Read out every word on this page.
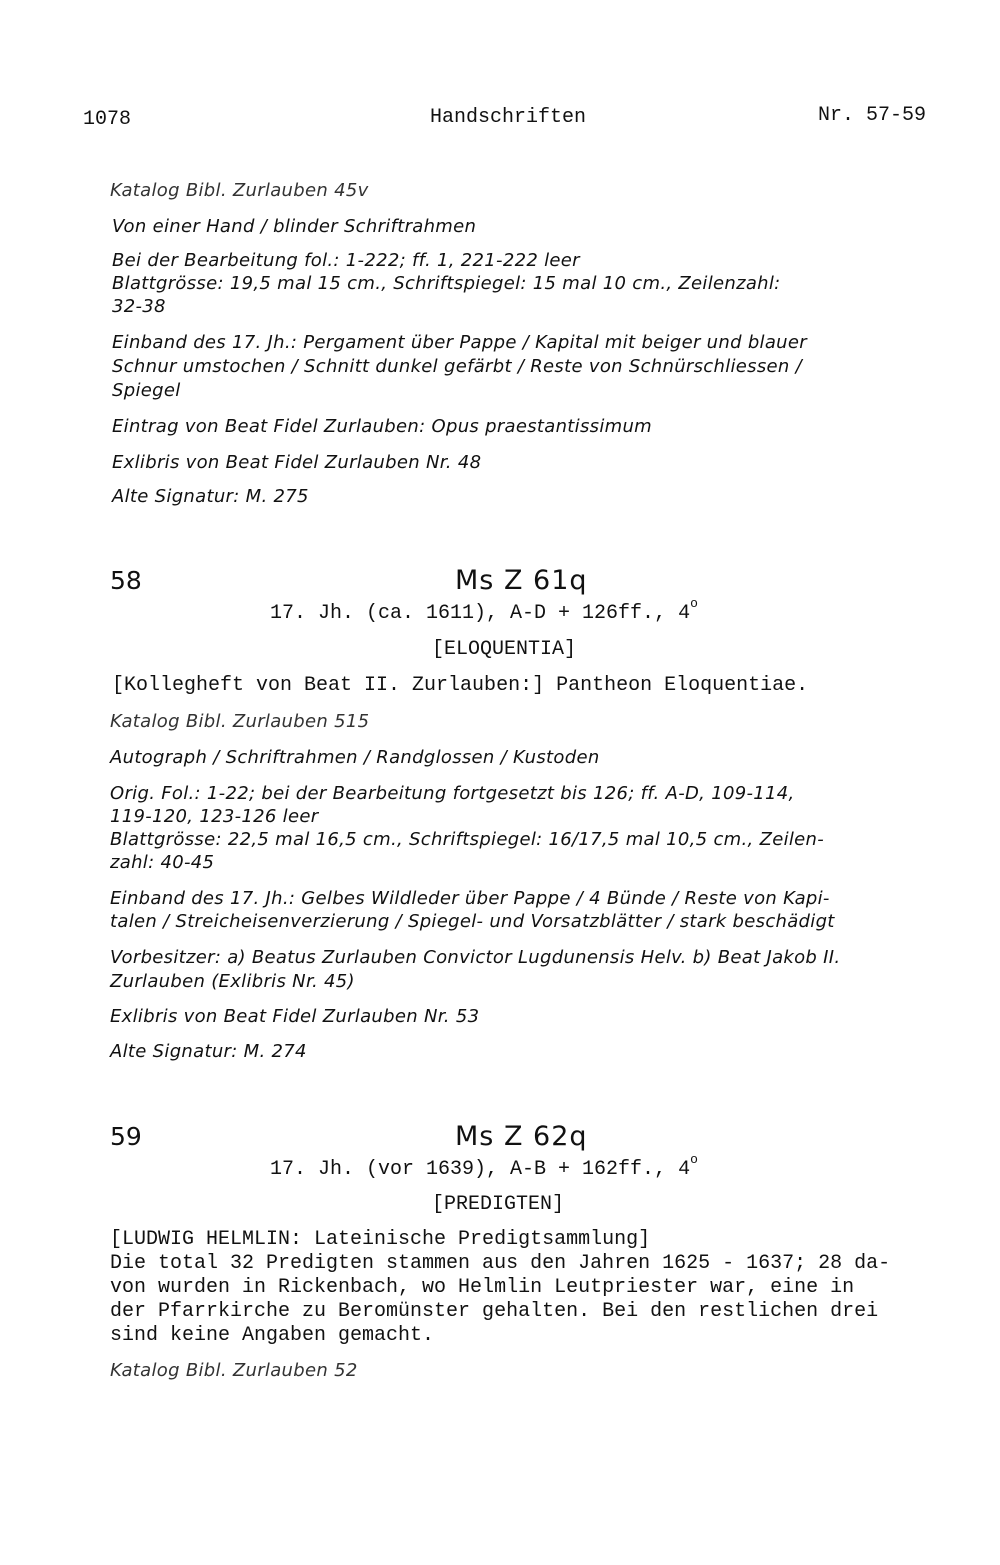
1078	Handschriften	Nr. 57-59
Katalog Bibl. Zurlauben 45v
Von einer Hand / blinder Schriftrahmen
Bei der Bearbeitung fol.: 1-222; ff. 1, 221-222 leer
Blattgrösse: 19,5 mal 15 cm., Schriftspiegel: 15 mal 10 cm., Zeilenzahl:
32-38
Einband des 17. Jh.: Pergament über Pappe / Kapital mit beiger und blauer
Schnur umstochen / Schnitt dunkel gefärbt / Reste von Schnürschliessen /
Spiegel
Eintrag von Beat Fidel Zurlauben: Opus praestantissimum
Exlibris von Beat Fidel Zurlauben Nr. 48
Alte Signatur: M. 275
58	Ms Z 61q
17. Jh. (ca. 1611), A-D + 126ff., 4$^o$
[ELOQUENTIA]
[Kollegheft von Beat II. Zurlauben:] Pantheon Eloquentiae.
Katalog Bibl. Zurlauben 515
Autograph / Schriftrahmen / Randglossen / Kustoden
Orig. Fol.: 1-22; bei der Bearbeitung fortgesetzt bis 126; ff. A-D, 109-114,
119-120, 123-126 leer
Blattgrösse: 22,5 mal 16,5 cm., Schriftspiegel: 16/17,5 mal 10,5 cm., Zeilen-
zahl: 40-45
Einband des 17. Jh.: Gelbes Wildleder über Pappe / 4 Bünde / Reste von Kapi-
talen / Streicheisenverzierung / Spiegel- und Vorsatzblätter / stark beschädigt
Vorbesitzer: a) Beatus Zurlauben Convictor Lugdunensis Helv. b) Beat Jakob II.
Zurlauben (Exlibris Nr. 45)
Exlibris von Beat Fidel Zurlauben Nr. 53
Alte Signatur: M. 274
59	Ms Z 62q
17. Jh. (vor 1639), A-B + 162ff., 4$^o$
[PREDIGTEN]
[LUDWIG HELMLIN: Lateinische Predigtsammlung]
Die total 32 Predigten stammen aus den Jahren 1625 - 1637; 28 da-
von wurden in Rickenbach, wo Helmlin Leutpriester war, eine in
der Pfarrkirche zu Beromünster gehalten. Bei den restlichen drei
sind keine Angaben gemacht.
Katalog Bibl. Zurlauben 52
